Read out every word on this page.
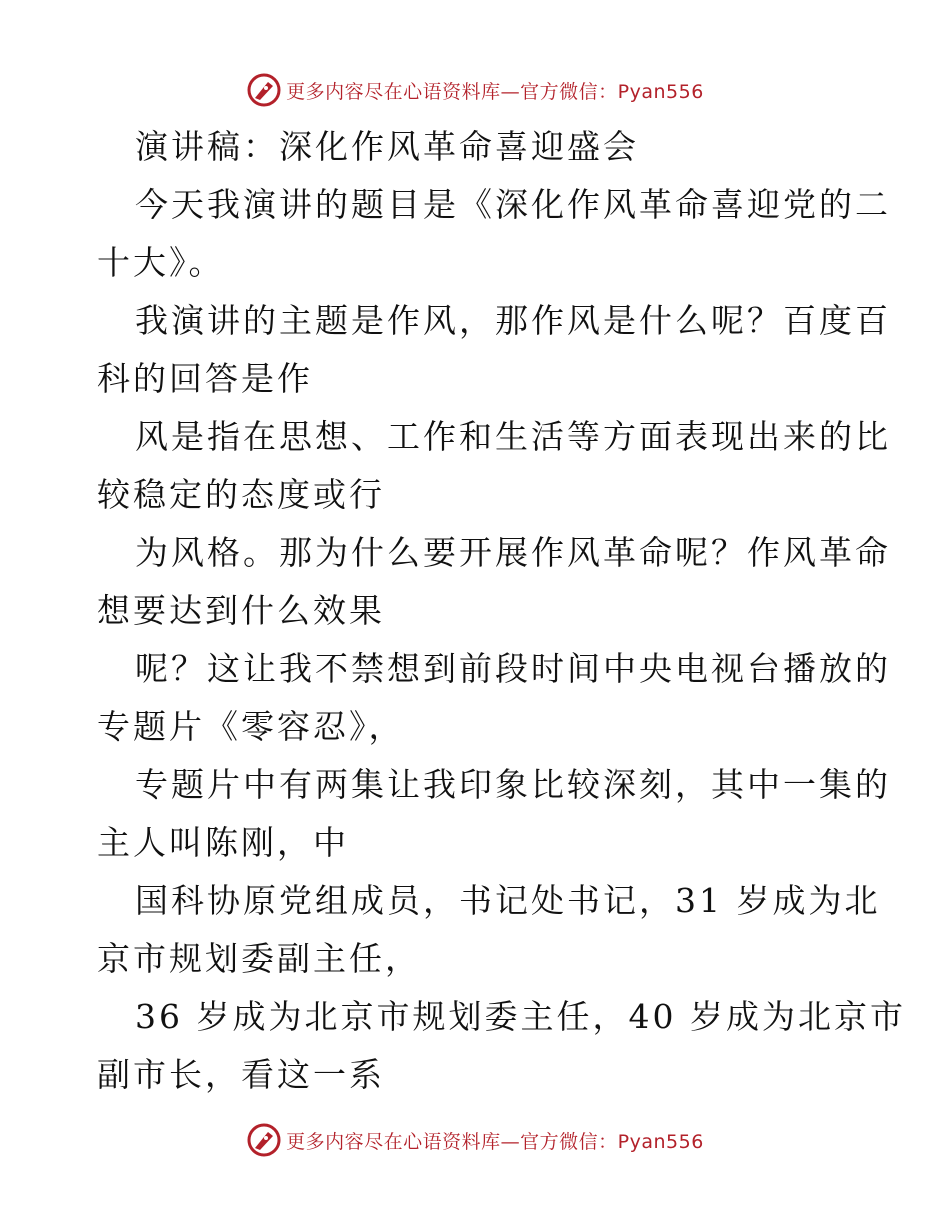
更多内容尽在心语资料库—官方微信：Pyan556

演讲稿：深化作风革命喜迎盛会

今天我演讲的题目是《深化作风革命喜迎党的二
十大》。

我演讲的主题是作风，那作风是什么呢？百度百
科的回答是作

风是指在思想、工作和生活等方面表现出来的比
较稳定的态度或行

为风格。那为什么要开展作风革命呢？作风革命
想要达到什么效果

呢？这让我不禁想到前段时间中央电视台播放的
专题片《零容忍》，

专题片中有两集让我印象比较深刻，其中一集的
主人叫陈刚，中

国科协原党组成员，书记处书记，31 岁成为北
京市规划委副主任，

36 岁成为北京市规划委主任，40 岁成为北京市
副市长，看这一系

更多内容尽在心语资料库—官方微信：Pyan556
